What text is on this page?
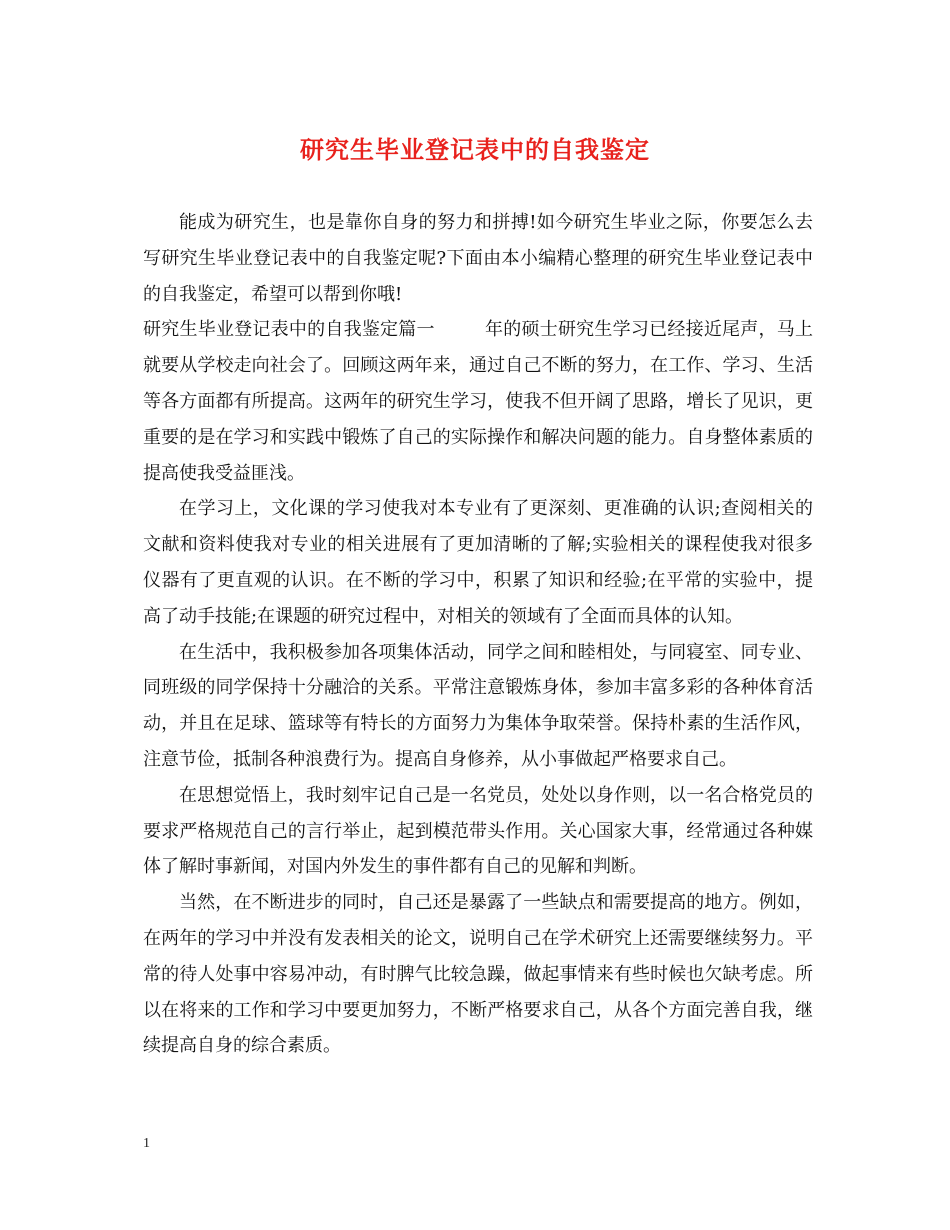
研究生毕业登记表中的自我鉴定

能成为研究生，也是靠你自身的努力和拼搏!如今研究生毕业之际，你要怎么去写研究生毕业登记表中的自我鉴定呢?下面由本小编精心整理的研究生毕业登记表中的自我鉴定，希望可以帮到你哦!

研究生毕业登记表中的自我鉴定篇一	年的硕士研究生学习已经接近尾声，马上就要从学校走向社会了。回顾这两年来，通过自己不断的努力，在工作、学习、生活等各方面都有所提高。这两年的研究生学习，使我不但开阔了思路，增长了见识，更重要的是在学习和实践中锻炼了自己的实际操作和解决问题的能力。自身整体素质的提高使我受益匪浅。

在学习上，文化课的学习使我对本专业有了更深刻、更准确的认识;查阅相关的文献和资料使我对专业的相关进展有了更加清晰的了解;实验相关的课程使我对很多仪器有了更直观的认识。在不断的学习中，积累了知识和经验;在平常的实验中，提高了动手技能;在课题的研究过程中，对相关的领域有了全面而具体的认知。

在生活中，我积极参加各项集体活动，同学之间和睦相处，与同寝室、同专业、同班级的同学保持十分融洽的关系。平常注意锻炼身体，参加丰富多彩的各种体育活动，并且在足球、篮球等有特长的方面努力为集体争取荣誉。保持朴素的生活作风，注意节俭，抵制各种浪费行为。提高自身修养，从小事做起严格要求自己。

在思想觉悟上，我时刻牢记自己是一名党员，处处以身作则，以一名合格党员的要求严格规范自己的言行举止，起到模范带头作用。关心国家大事，经常通过各种媒体了解时事新闻，对国内外发生的事件都有自己的见解和判断。

当然，在不断进步的同时，自己还是暴露了一些缺点和需要提高的地方。例如，在两年的学习中并没有发表相关的论文，说明自己在学术研究上还需要继续努力。平常的待人处事中容易冲动，有时脾气比较急躁，做起事情来有些时候也欠缺考虑。所以在将来的工作和学习中要更加努力，不断严格要求自己，从各个方面完善自我，继续提高自身的综合素质。

1
